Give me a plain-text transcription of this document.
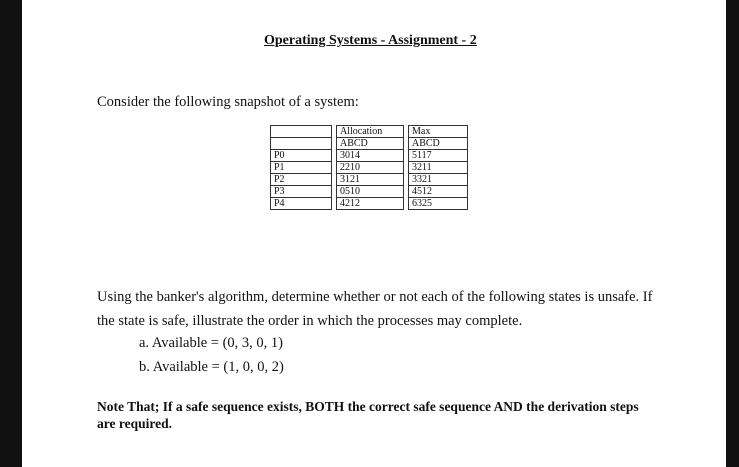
Operating Systems - Assignment - 2
Consider the following snapshot of a system:
		Allocation		Max
		ABCD		ABCD
P0		3014		5117
P1		2210		3211
P2		3121		3321
P3		0510		4512
P4		4212		6325
Using the banker's algorithm, determine whether or not each of the following states is unsafe. If the state is safe, illustrate the order in which the processes may complete.
a. Available = (0, 3, 0, 1)
b. Available = (1, 0, 0, 2)
Note That; If a safe sequence exists, BOTH the correct safe sequence AND the derivation steps are required.
